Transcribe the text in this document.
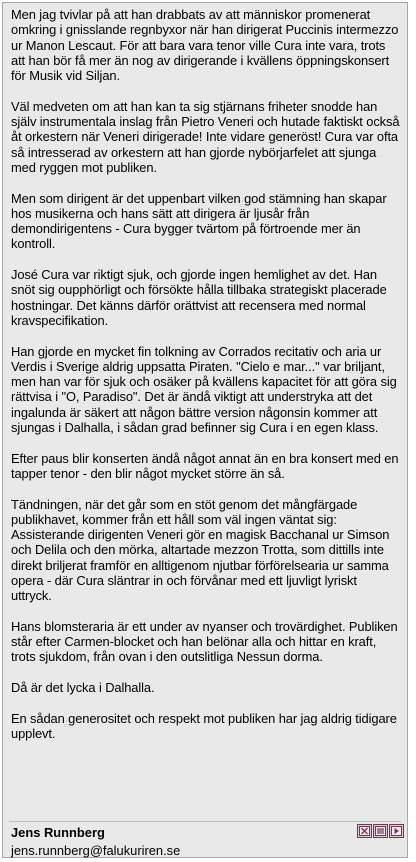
Men jag tvivlar på att han drabbats av att människor promenerat omkring i gnisslande regnbyxor när han dirigerat Puccinis intermezzo ur Manon Lescaut. För att bara vara tenor ville Cura inte vara, trots att han bör få mer än nog av dirigerande i kvällens öppningskonsert för Musik vid Siljan.

Väl medveten om att han kan ta sig stjärnans friheter snodde han själv instrumentala inslag från Pietro Veneri och hutade faktiskt också åt orkestern när Veneri dirigerade! Inte vidare generöst! Cura var ofta så intresserad av orkestern att han gjorde nybörjarfelet att sjunga med ryggen mot publiken.

Men som dirigent är det uppenbart vilken god stämning han skapar hos musikerna och hans sätt att dirigera är ljusår från demondirigentens - Cura bygger tvärtom på förtroende mer än kontroll.

José Cura var riktigt sjuk, och gjorde ingen hemlighet av det. Han snöt sig oupphörligt och försökte hålla tillbaka strategiskt placerade hostningar. Det känns därför orättvist att recensera med normal kravspecifikation.

Han gjorde en mycket fin tolkning av Corrados recitativ och aria ur Verdis i Sverige aldrig uppsatta Piraten. "Cielo e mar..." var briljant, men han var för sjuk och osäker på kvällens kapacitet för att göra sig rättvisa i "O, Paradiso". Det är ändå viktigt att understryka att det ingalunda är säkert att någon bättre version någonsin kommer att sjungas i Dalhalla, i sådan grad befinner sig Cura i en egen klass.

Efter paus blir konserten ändå något annat än en bra konsert med en tapper tenor - den blir något mycket större än så.

Tändningen, när det går som en stöt genom det mångfärgade publikhavet, kommer från ett håll som väl ingen väntat sig: Assisterande dirigenten Veneri gör en magisk Bacchanal ur Simson och Delila och den mörka, altartade mezzon Trotta, som dittills inte direkt briljerat framför en alltigenom njutbar förförelsearia ur samma opera - där Cura släntrar in och förvånar med ett ljuvligt lyriskt uttryck.

Hans blomsteraria är ett under av nyanser och trovärdighet. Publiken står efter Carmen-blocket och han belönar alla och hittar en kraft, trots sjukdom, från ovan i den outslitliga Nessun dorma.

Då är det lycka i Dalhalla.

En sådan generositet och respekt mot publiken har jag aldrig tidigare upplevt.

Jens Runnberg
jens.runnberg@falukuriren.se
